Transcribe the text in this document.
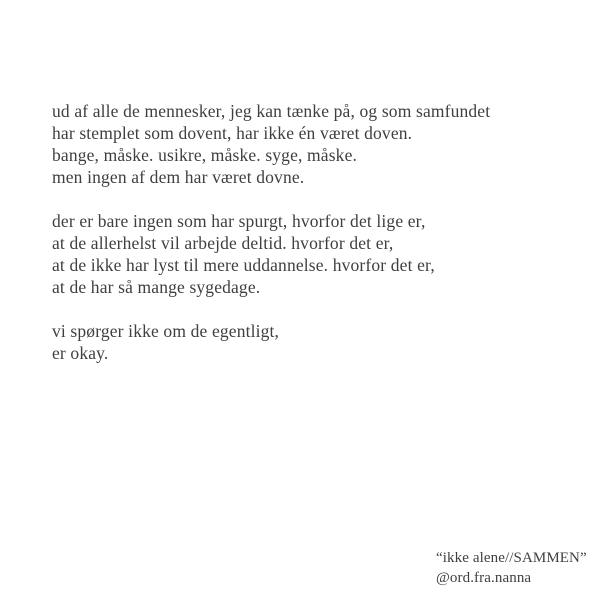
ud af alle de mennesker, jeg kan tænke på, og som samfundet
har stemplet som dovent, har ikke én været doven.
bange, måske. usikre, måske. syge, måske.
men ingen af dem har været dovne.
der er bare ingen som har spurgt, hvorfor det lige er,
at de allerhelst vil arbejde deltid. hvorfor det er,
at de ikke har lyst til mere uddannelse. hvorfor det er,
at de har så mange sygedage.
vi spørger ikke om de egentligt,
er okay.
“ikke alene//SAMMEN”
@ord.fra.nanna
